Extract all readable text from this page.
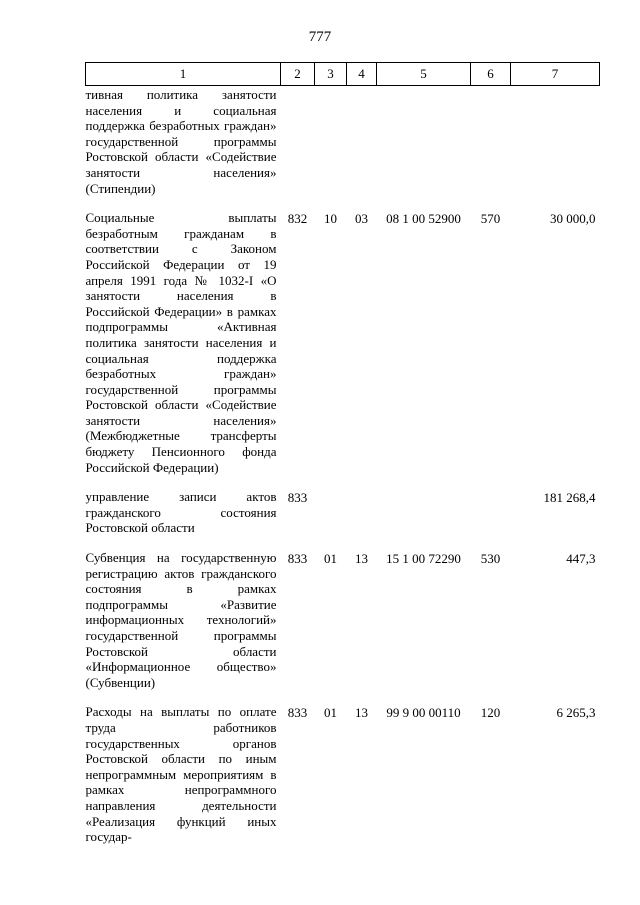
777
1	2	3	4	5	6	7
тивная политика занятости населения и социальная поддержка безработных граждан» государственной программы Ростовской области «Содействие занятости населения» (Стипендии)						
Социальные выплаты безработным гражданам в соответствии с Законом Российской Федерации от 19 апреля 1991 года № 1032-I «О занятости населения в Российской Федерации» в рамках подпрограммы «Активная политика занятости населения и социальная поддержка безработных граждан» государственной программы Ростовской области «Содействие занятости населения» (Межбюджетные трансферты бюджету Пенсионного фонда Российской Федерации)	832	10	03	08 1 00 52900	570	30 000,0
управление записи актов гражданского состояния Ростовской области	833					181 268,4
Субвенция на государственную регистрацию актов гражданского состояния в рамках подпрограммы «Развитие информационных технологий» государственной программы Ростовской области «Информационное общество» (Субвенции)	833	01	13	15 1 00 72290	530	447,3
Расходы на выплаты по оплате труда работников государственных органов Ростовской области по иным непрограммным мероприятиям в рамках непрограммного направления деятельности «Реализация функций иных государ-	833	01	13	99 9 00 00110	120	6 265,3
